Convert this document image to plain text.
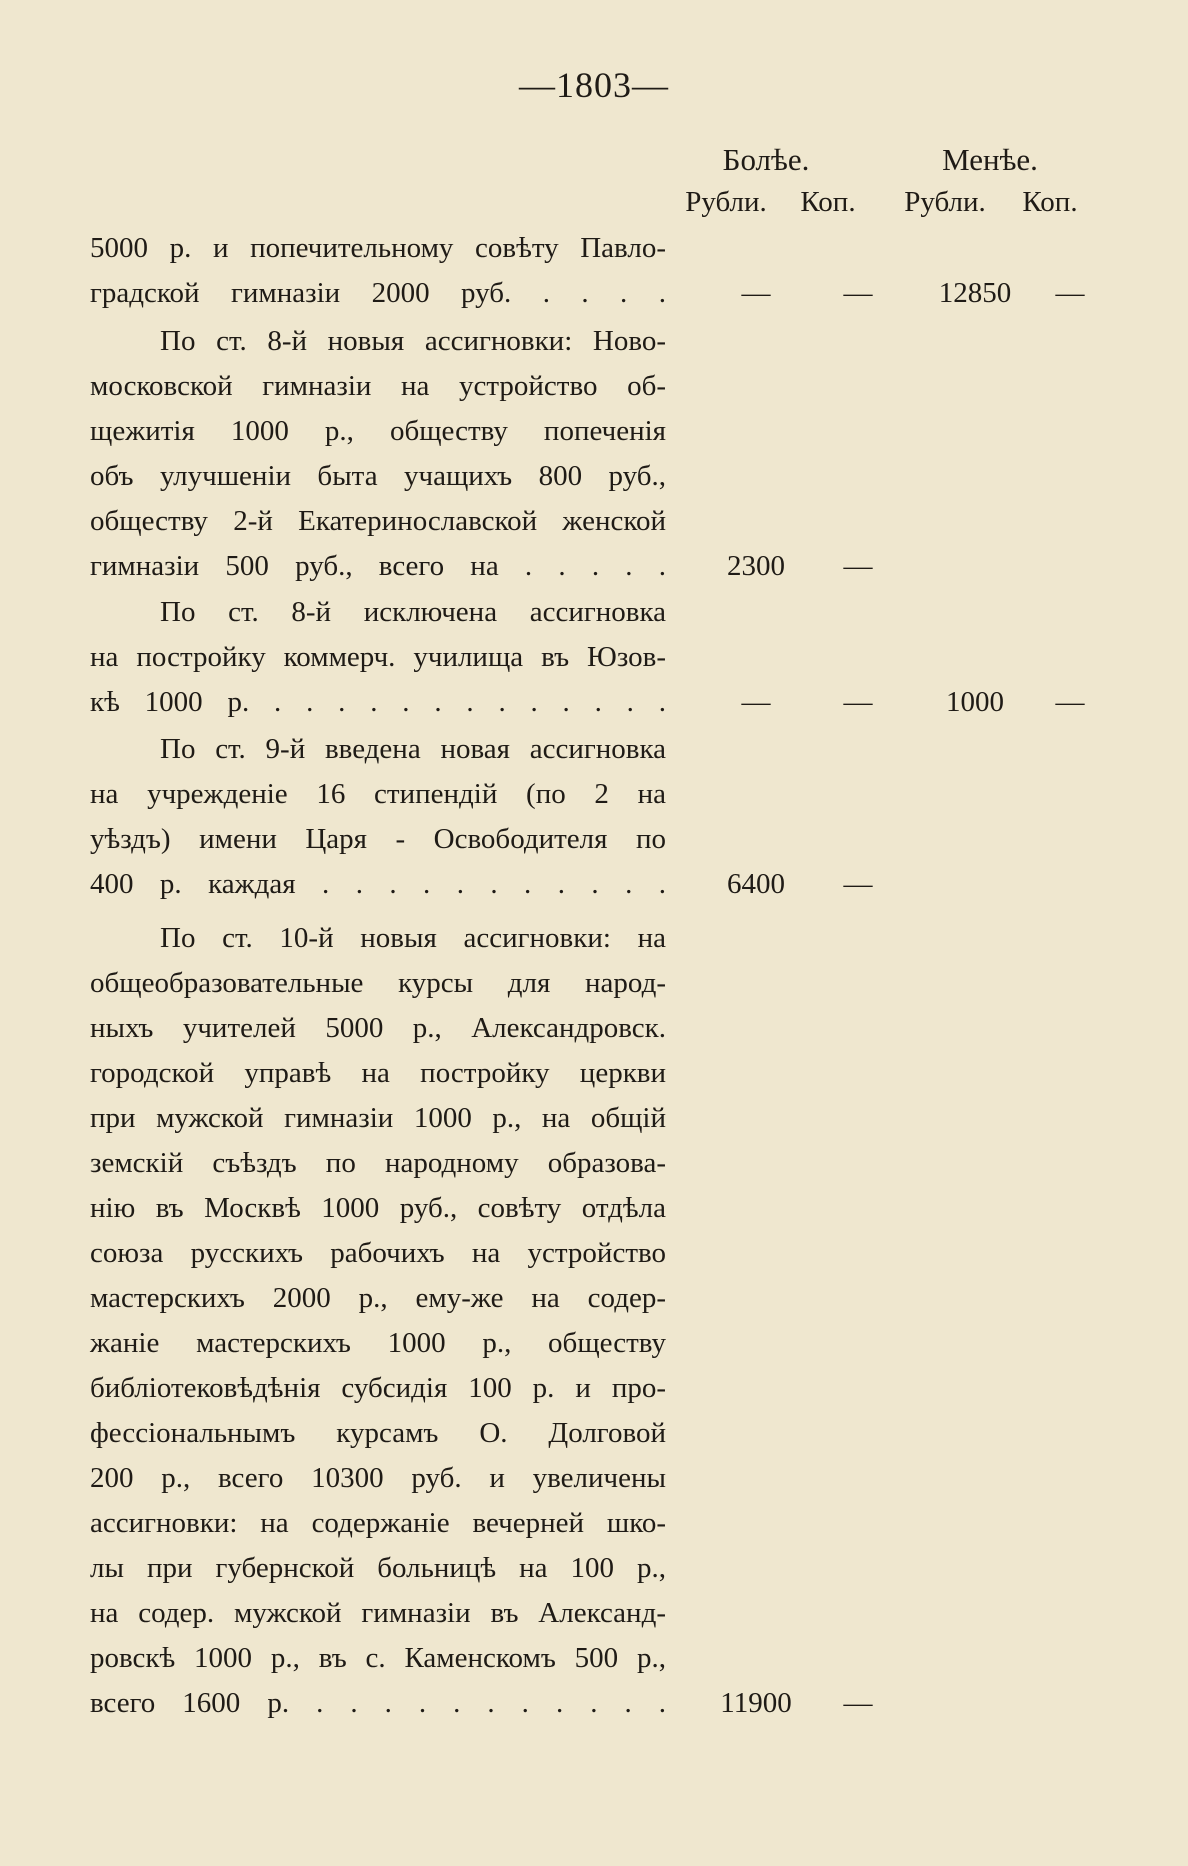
—1803—
Болѣе.	Менѣе.
Рубли.	Коп.	Рубли.	Коп.
5000 р. и попечительному совѣту Павло-
градской гимназіи 2000 руб. . . . .	—	—	12850	—
По ст. 8-й новыя ассигновки: Ново-
московской гимназіи на устройство об-
щежитія 1000 р., обществу попеченія
объ улучшеніи быта учащихъ 800 руб.,
обществу 2-й Екатеринославской женской
гимназіи 500 руб., всего на . . . . .	2300	—
По ст. 8-й исключена ассигновка
на постройку коммерч. училища въ Юзов-
кѣ 1000 р. . . . . . . . . . . . . .	—	—	1000	—
По ст. 9-й введена новая ассигновка
на учрежденіе 16 стипендій (по 2 на
уѣздъ) имени Царя - Освободителя по
400 р. каждая . . . . . . . . . . .	6400	—
По ст. 10-й новыя ассигновки: на
общеобразовательные курсы для народ-
ныхъ учителей 5000 р., Александровск.
городской управѣ на постройку церкви
при мужской гимназіи 1000 р., на общій
земскій съѣздъ по народному образова-
нію въ Москвѣ 1000 руб., совѣту отдѣла
союза русскихъ рабочихъ на устройство
мастерскихъ 2000 р., ему-же на содер-
жаніе мастерскихъ 1000 р., обществу
библіотековѣдѣнія субсидія 100 р. и про-
фессіональнымъ курсамъ О. Долговой
200 р., всего 10300 руб. и увеличены
ассигновки: на содержаніе вечерней шко-
лы при губернской больницѣ на 100 р.,
на содер. мужской гимназіи въ Александ-
ровскѣ 1000 р., въ с. Каменскомъ 500 р.,
всего 1600 р. . . . . . . . . . . .	11900	—
